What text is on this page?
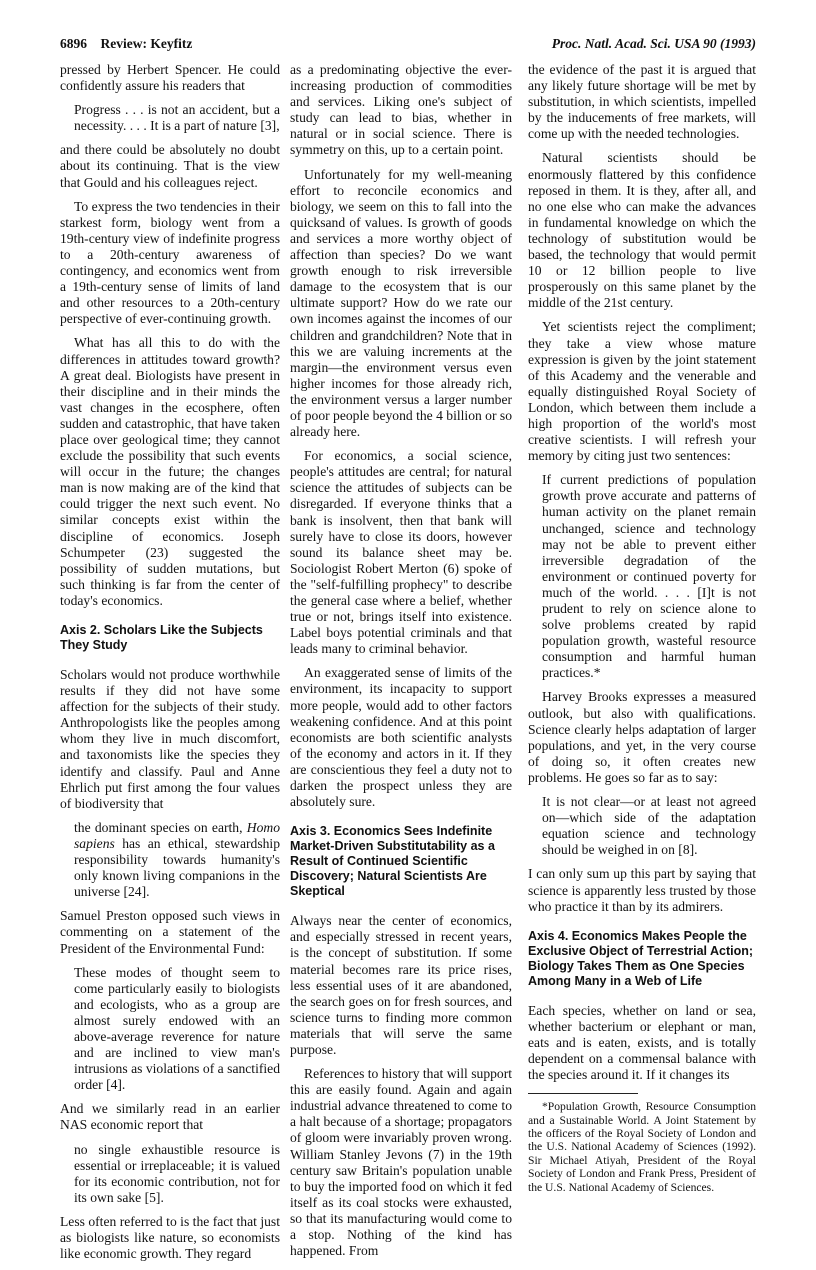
6896 Review: Keyfitz	Proc. Natl. Acad. Sci. USA 90 (1993)

pressed by Herbert Spencer. He could confidently assure his readers that

Progress . . . is not an accident, but a necessity. . . . It is a part of nature [3],

and there could be absolutely no doubt about its continuing. That is the view that Gould and his colleagues reject.

To express the two tendencies in their starkest form, biology went from a 19th-century view of indefinite progress to a 20th-century awareness of contingency, and economics went from a 19th-century sense of limits of land and other resources to a 20th-century perspective of ever-continuing growth.

What has all this to do with the differences in attitudes toward growth? A great deal. Biologists have present in their discipline and in their minds the vast changes in the ecosphere, often sudden and catastrophic, that have taken place over geological time; they cannot exclude the possibility that such events will occur in the future; the changes man is now making are of the kind that could trigger the next such event. No similar concepts exist within the discipline of economics. Joseph Schumpeter (23) suggested the possibility of sudden mutations, but such thinking is far from the center of today's economics.

Axis 2. Scholars Like the Subjects They Study

Scholars would not produce worthwhile results if they did not have some affection for the subjects of their study. Anthropologists like the peoples among whom they live in much discomfort, and taxonomists like the species they identify and classify. Paul and Anne Ehrlich put first among the four values of biodiversity that

the dominant species on earth, Homo sapiens has an ethical, stewardship responsibility towards humanity's only known living companions in the universe [24].

Samuel Preston opposed such views in commenting on a statement of the President of the Environmental Fund:

These modes of thought seem to come particularly easily to biologists and ecologists, who as a group are almost surely endowed with an above-average reverence for nature and are inclined to view man's intrusions as violations of a sanctified order [4].

And we similarly read in an earlier NAS economic report that

no single exhaustible resource is essential or irreplaceable; it is valued for its economic contribution, not for its own sake [5].

Less often referred to is the fact that just as biologists like nature, so economists like economic growth. They regard

as a predominating objective the ever-increasing production of commodities and services. Liking one's subject of study can lead to bias, whether in natural or in social science. There is symmetry on this, up to a certain point.

Unfortunately for my well-meaning effort to reconcile economics and biology, we seem on this to fall into the quicksand of values. Is growth of goods and services a more worthy object of affection than species? Do we want growth enough to risk irreversible damage to the ecosystem that is our ultimate support? How do we rate our own incomes against the incomes of our children and grandchildren? Note that in this we are valuing increments at the margin—the environment versus even higher incomes for those already rich, the environment versus a larger number of poor people beyond the 4 billion or so already here.

For economics, a social science, people's attitudes are central; for natural science the attitudes of subjects can be disregarded. If everyone thinks that a bank is insolvent, then that bank will surely have to close its doors, however sound its balance sheet may be. Sociologist Robert Merton (6) spoke of the "self-fulfilling prophecy" to describe the general case where a belief, whether true or not, brings itself into existence. Label boys potential criminals and that leads many to criminal behavior.

An exaggerated sense of limits of the environment, its incapacity to support more people, would add to other factors weakening confidence. And at this point economists are both scientific analysts of the economy and actors in it. If they are conscientious they feel a duty not to darken the prospect unless they are absolutely sure.

Axis 3. Economics Sees Indefinite Market-Driven Substitutability as a Result of Continued Scientific Discovery; Natural Scientists Are Skeptical

Always near the center of economics, and especially stressed in recent years, is the concept of substitution. If some material becomes rare its price rises, less essential uses of it are abandoned, the search goes on for fresh sources, and science turns to finding more common materials that will serve the same purpose.

References to history that will support this are easily found. Again and again industrial advance threatened to come to a halt because of a shortage; propagators of gloom were invariably proven wrong. William Stanley Jevons (7) in the 19th century saw Britain's population unable to buy the imported food on which it fed itself as its coal stocks were exhausted, so that its manufacturing would come to a stop. Nothing of the kind has happened. From

the evidence of the past it is argued that any likely future shortage will be met by substitution, in which scientists, impelled by the inducements of free markets, will come up with the needed technologies.

Natural scientists should be enormously flattered by this confidence reposed in them. It is they, after all, and no one else who can make the advances in fundamental knowledge on which the technology of substitution would be based, the technology that would permit 10 or 12 billion people to live prosperously on this same planet by the middle of the 21st century.

Yet scientists reject the compliment; they take a view whose mature expression is given by the joint statement of this Academy and the venerable and equally distinguished Royal Society of London, which between them include a high proportion of the world's most creative scientists. I will refresh your memory by citing just two sentences:

If current predictions of population growth prove accurate and patterns of human activity on the planet remain unchanged, science and technology may not be able to prevent either irreversible degradation of the environment or continued poverty for much of the world. . . . [I]t is not prudent to rely on science alone to solve problems created by rapid population growth, wasteful resource consumption and harmful human practices.*

Harvey Brooks expresses a measured outlook, but also with qualifications. Science clearly helps adaptation of larger populations, and yet, in the very course of doing so, it often creates new problems. He goes so far as to say:

It is not clear—or at least not agreed on—which side of the adaptation equation science and technology should be weighed in on [8].

I can only sum up this part by saying that science is apparently less trusted by those who practice it than by its admirers.

Axis 4. Economics Makes People the Exclusive Object of Terrestrial Action; Biology Takes Them as One Species Among Many in a Web of Life

Each species, whether on land or sea, whether bacterium or elephant or man, eats and is eaten, exists, and is totally dependent on a commensal balance with the species around it. If it changes its

*Population Growth, Resource Consumption and a Sustainable World. A Joint Statement by the officers of the Royal Society of London and the U.S. National Academy of Sciences (1992). Sir Michael Atiyah, President of the Royal Society of London and Frank Press, President of the U.S. National Academy of Sciences.
